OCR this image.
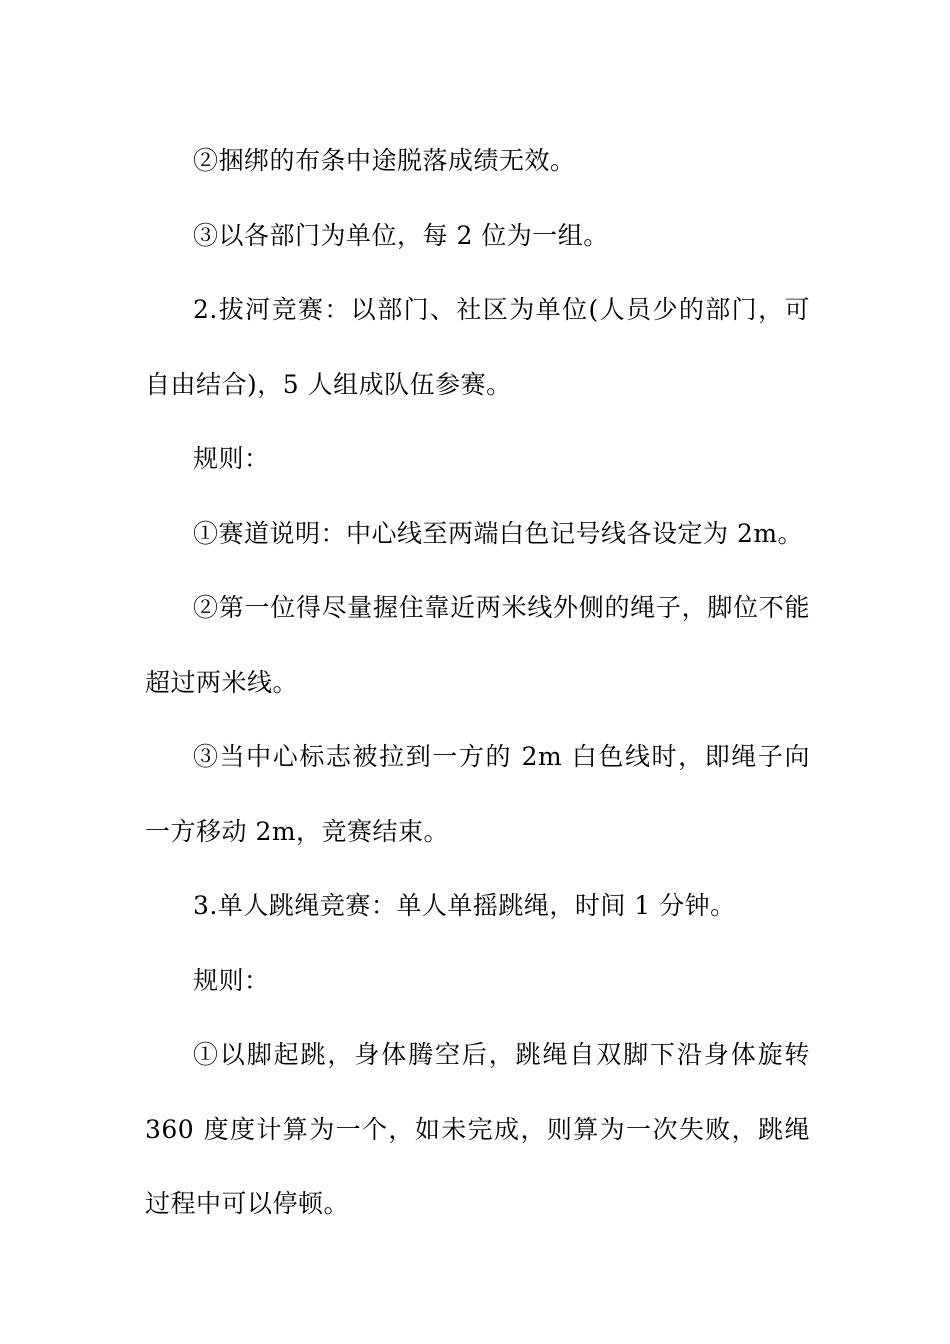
②捆绑的布条中途脱落成绩无效。

③以各部门为单位，每 2 位为一组。

2.拔河竞赛：以部门、社区为单位(人员少的部门，可自由结合)，5 人组成队伍参赛。

规则：

①赛道说明：中心线至两端白色记号线各设定为 2m。

②第一位得尽量握住靠近两米线外侧的绳子，脚位不能超过两米线。

③当中心标志被拉到一方的 2m 白色线时，即绳子向一方移动 2m，竞赛结束。

3.单人跳绳竞赛：单人单摇跳绳，时间 1 分钟。

规则：

①以脚起跳，身体腾空后，跳绳自双脚下沿身体旋转 360 度度计算为一个，如未完成，则算为一次失败，跳绳过程中可以停顿。
